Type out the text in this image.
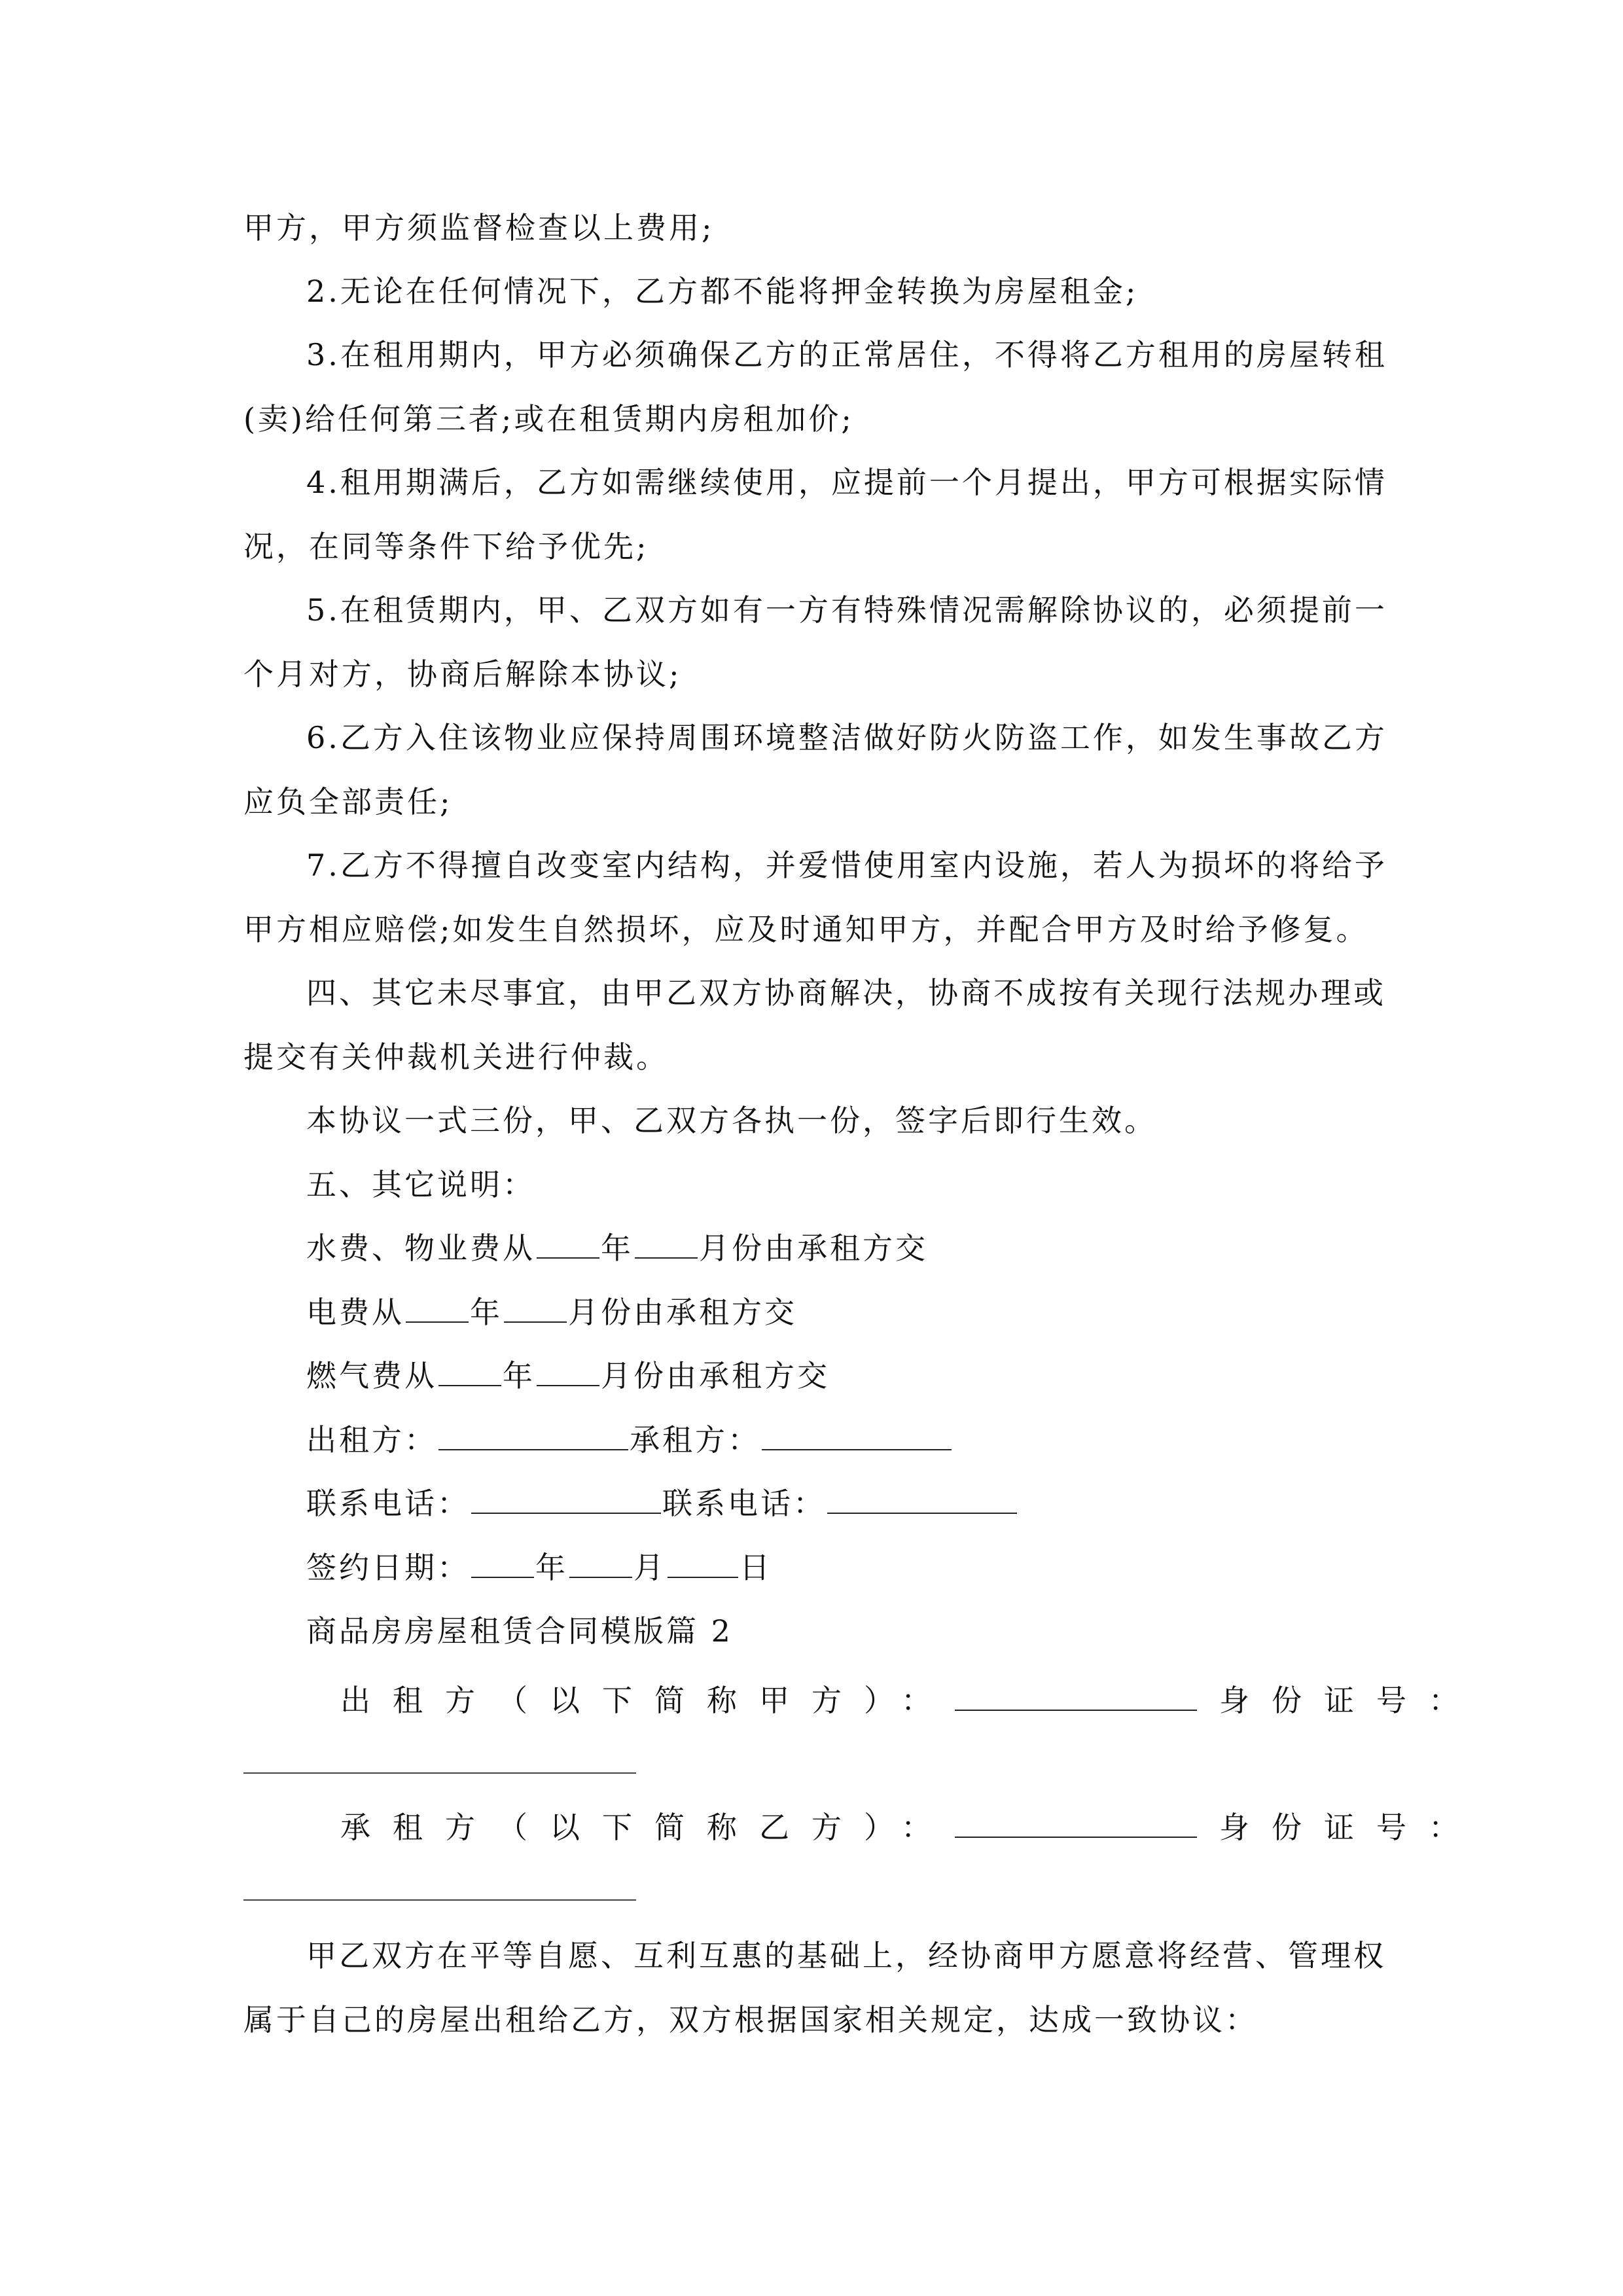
甲方，甲方须监督检查以上费用;
2.无论在任何情况下，乙方都不能将押金转换为房屋租金;
3.在租用期内，甲方必须确保乙方的正常居住，不得将乙方租用的房屋转租
(卖)给任何第三者;或在租赁期内房租加价;
4.租用期满后，乙方如需继续使用，应提前一个月提出，甲方可根据实际情
况，在同等条件下给予优先;
5.在租赁期内，甲、乙双方如有一方有特殊情况需解除协议的，必须提前一
个月对方，协商后解除本协议;
6.乙方入住该物业应保持周围环境整洁做好防火防盗工作，如发生事故乙方
应负全部责任;
7.乙方不得擅自改变室内结构，并爱惜使用室内设施，若人为损坏的将给予
甲方相应赔偿;如发生自然损坏，应及时通知甲方，并配合甲方及时给予修复。
四、其它未尽事宜，由甲乙双方协商解决，协商不成按有关现行法规办理或
提交有关仲裁机关进行仲裁。
本协议一式三份，甲、乙双方各执一份，签字后即行生效。
五、其它说明：
水费、物业费从 年 月份由承租方交
电费从 年 月份由承租方交
燃气费从 年 月份由承租方交
出租方：	承租方：
联系电话：	联系电话：
签约日期： 年 月 日
商品房房屋租赁合同模版篇 2
出租方（以下简称甲方）：	身份证号：
承租方（以下简称乙方）：	身份证号：
甲乙双方在平等自愿、互利互惠的基础上，经协商甲方愿意将经营、管理权
属于自己的房屋出租给乙方，双方根据国家相关规定，达成一致协议：
